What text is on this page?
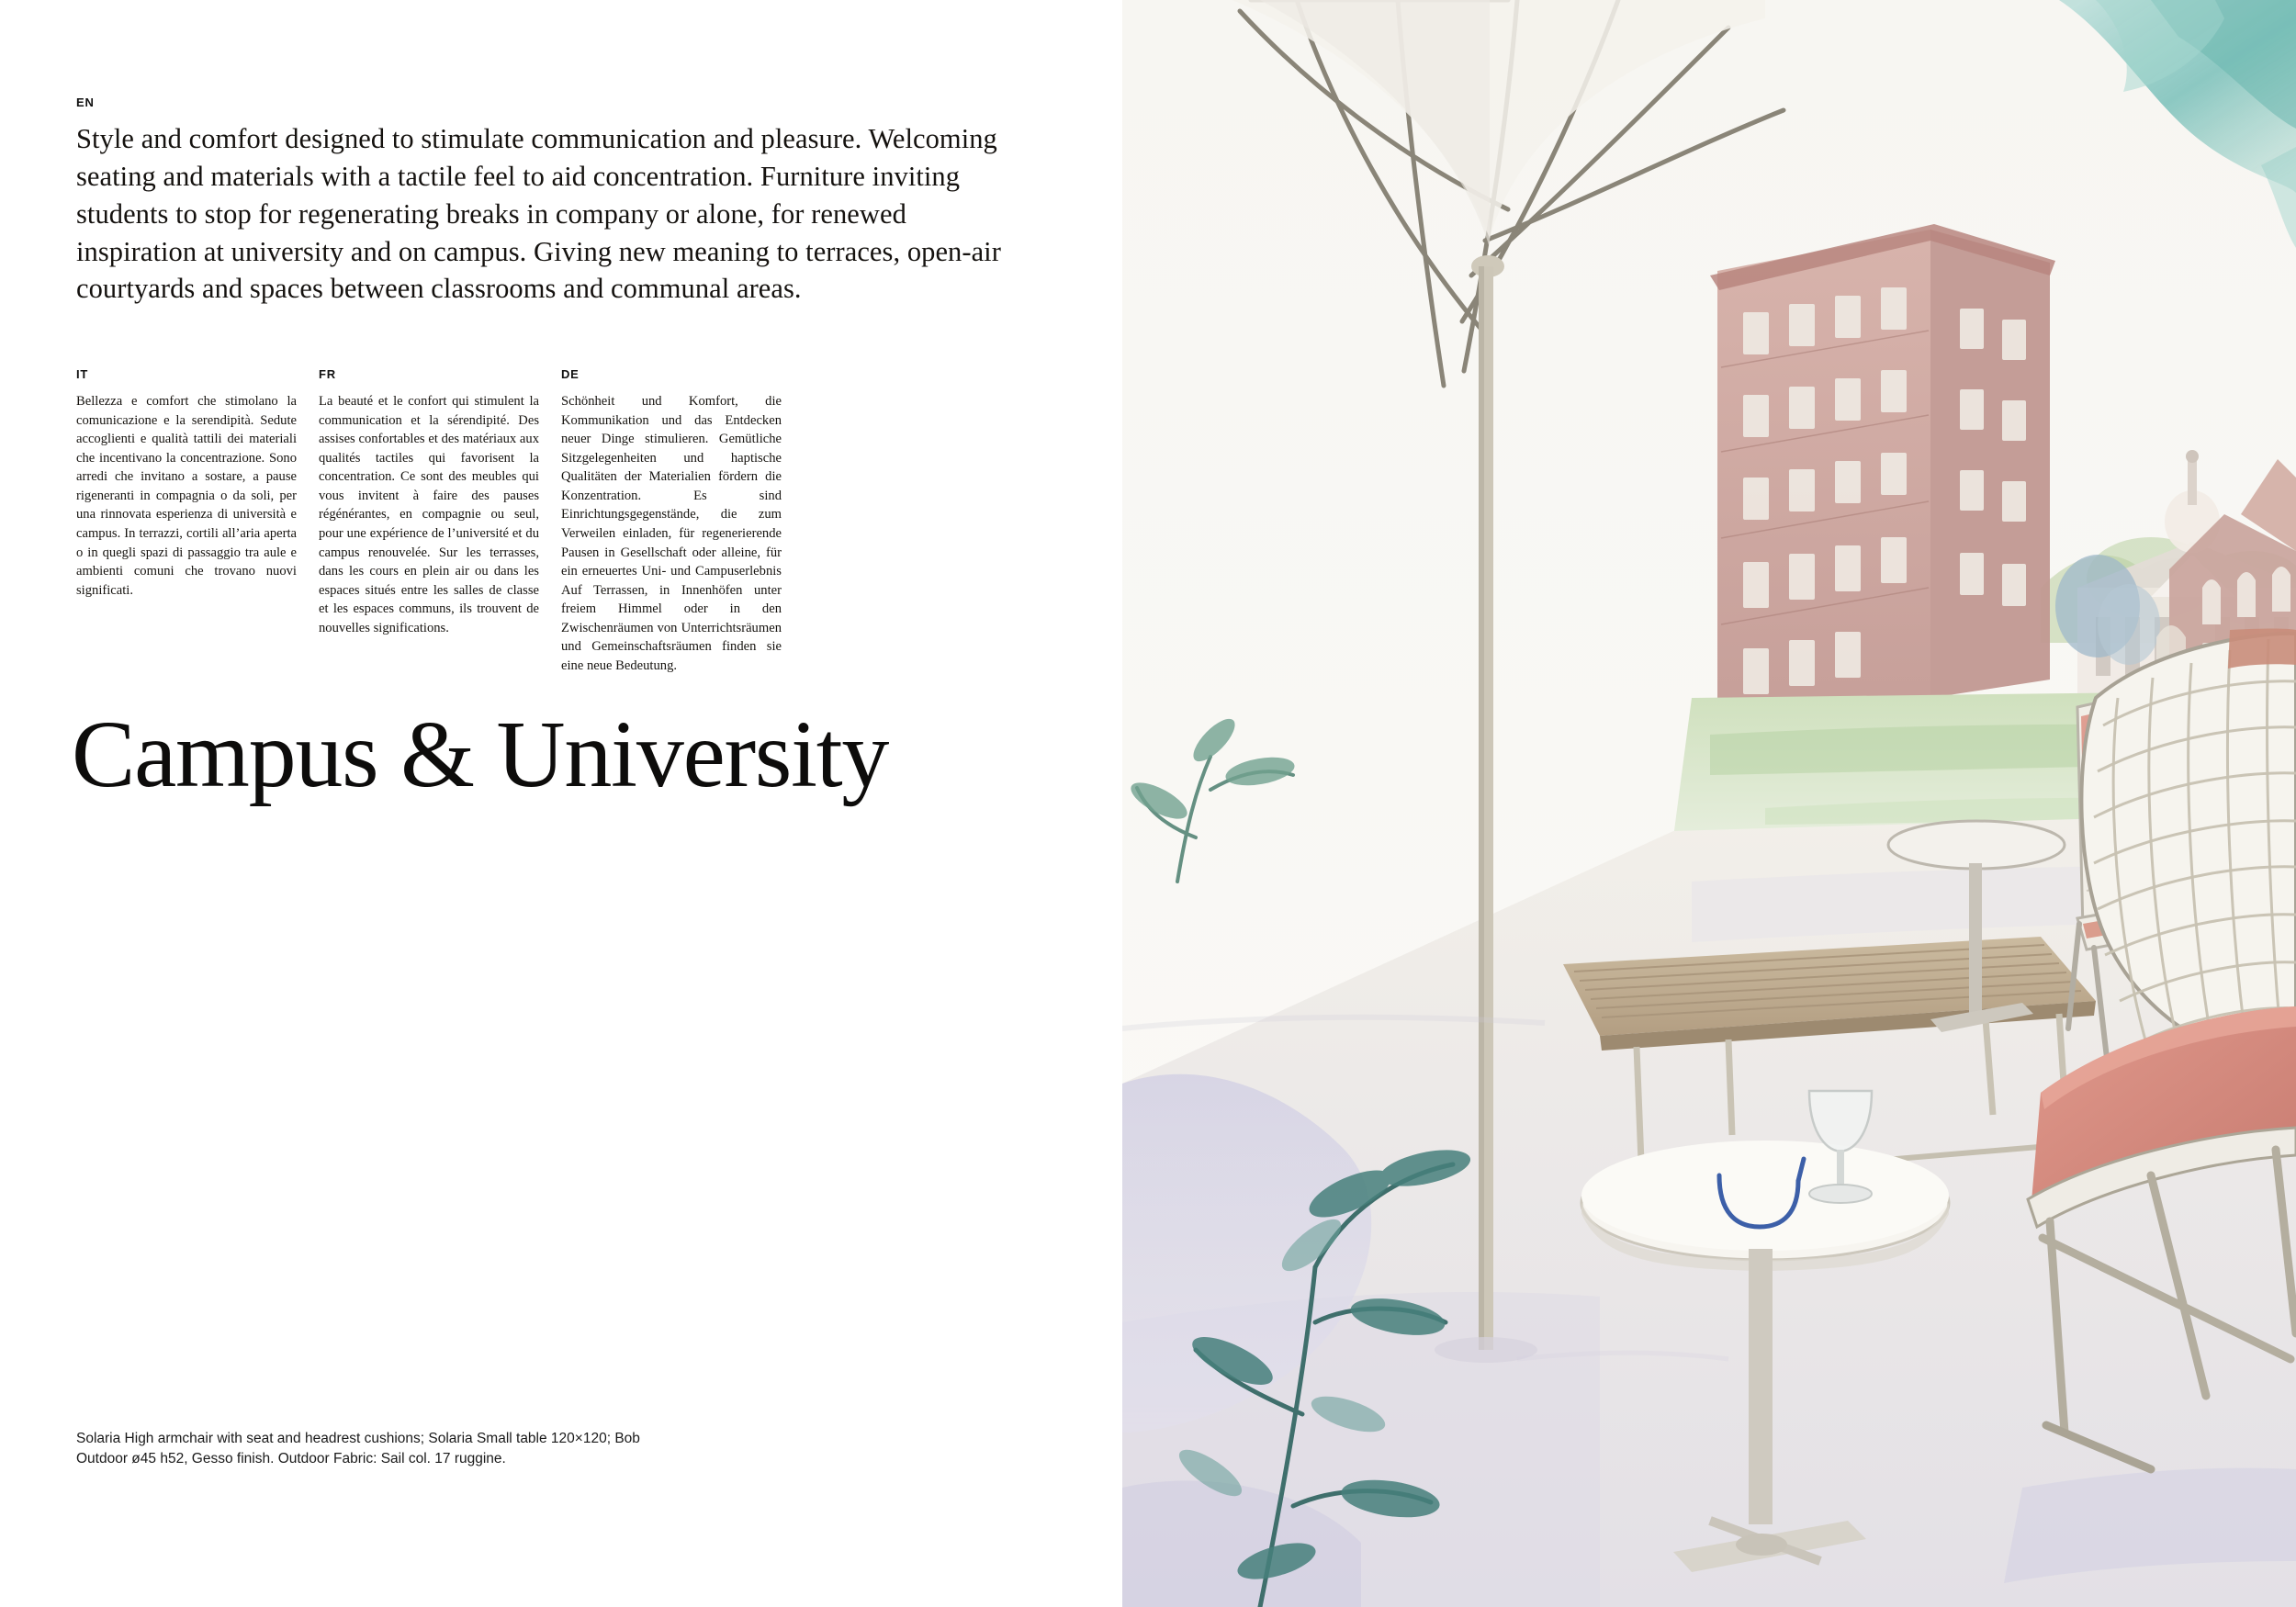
EN
Style and comfort designed to stimulate communication and pleasure. Welcoming seating and materials with a tactile feel to aid concentration. Furniture inviting students to stop for regenerating breaks in company or alone, for renewed inspiration at university and on campus. Giving new meaning to terraces, open-air courtyards and spaces between classrooms and communal areas.
IT
Bellezza e comfort che stimolano la comunicazione e la serendipità. Sedute accoglienti e qualità tattili dei materiali che incentivano la concentrazione. Sono arredi che invitano a sostare, a pause rigeneranti in compagnia o da soli, per una rinnovata esperienza di università e campus. In terrazzi, cortili all’aria aperta o in quegli spazi di passaggio tra aule e ambienti comuni che trovano nuovi significati.
FR
La beauté et le confort qui stimulent la communication et la sérendipité. Des assises confortables et des matériaux aux qualités tactiles qui favorisent la concentration. Ce sont des meubles qui vous invitent à faire des pauses régénérantes, en compagnie ou seul, pour une expérience de l’université et du campus renouvelée. Sur les terrasses, dans les cours en plein air ou dans les espaces situés entre les salles de classe et les espaces communs, ils trouvent de nouvelles significations.
DE
Schönheit und Komfort, die Kommunikation und das Entdecken neuer Dinge stimulieren. Gemütliche Sitzgelegenheiten und haptische Qualitäten der Materialien fördern die Konzentration. Es sind Einrichtungsgegenstände, die zum Verweilen einladen, für regenerierende Pausen in Gesellschaft oder alleine, für ein erneuertes Uni- und Campuserlebnis Auf Terrassen, in Innenhöfen unter freiem Himmel oder in den Zwischenräumen von Unterrichtsräumen und Gemeinschaftsräumen finden sie eine neue Bedeutung.
Campus & University
Solaria High armchair with seat and headrest cushions; Solaria Small table 120×120; Bob Outdoor ø45 h52, Gesso finish. Outdoor Fabric: Sail col. 17 ruggine.
